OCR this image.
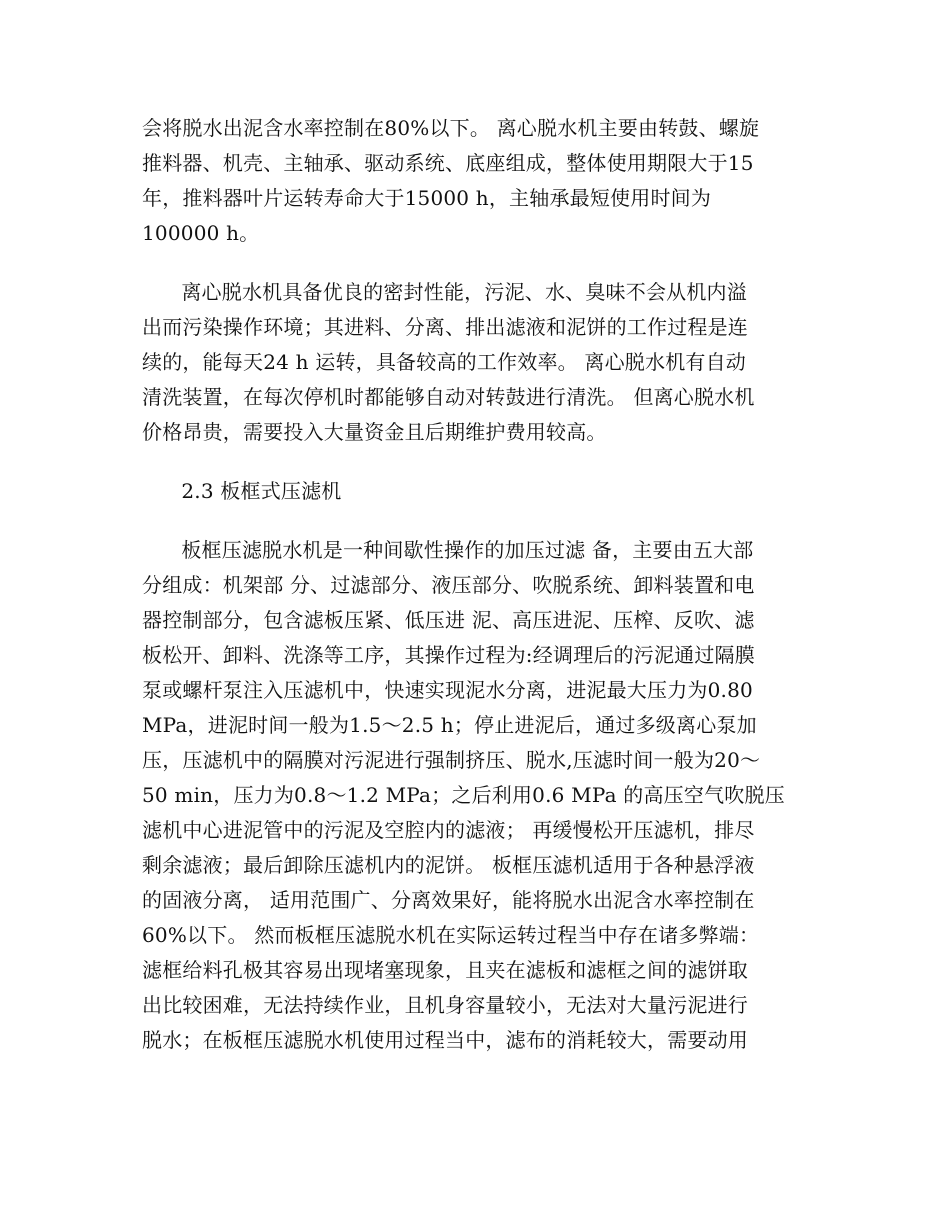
会将脱水出泥含水率控制在80%以下。 离心脱水机主要由转鼓、螺旋
推料器、机壳、主轴承、驱动系统、底座组成，整体使用期限大于15
年，推料器叶片运转寿命大于15000 h，主轴承最短使用时间为
100000 h。
离心脱水机具备优良的密封性能，污泥、水、臭味不会从机内溢
出而污染操作环境；其进料、分离、排出滤液和泥饼的工作过程是连
续的，能每天24 h 运转，具备较高的工作效率。 离心脱水机有自动
清洗装置，在每次停机时都能够自动对转鼓进行清洗。 但离心脱水机
价格昂贵，需要投入大量资金且后期维护费用较高。
2.3 板框式压滤机
板框压滤脱水机是一种间歇性操作的加压过滤 备，主要由五大部
分组成：机架部 分、过滤部分、液压部分、吹脱系统、卸料装置和电
器控制部分，包含滤板压紧、低压进 泥、高压进泥、压榨、反吹、滤
板松开、卸料、洗涤等工序，其操作过程为:经调理后的污泥通过隔膜
泵或螺杆泵注入压滤机中，快速实现泥水分离，进泥最大压力为0.80
MPa，进泥时间一般为1.5～2.5 h；停止进泥后，通过多级离心泵加
压，压滤机中的隔膜对污泥进行强制挤压、脱水,压滤时间一般为20～
50 min，压力为0.8～1.2 MPa；之后利用0.6 MPa 的高压空气吹脱压
滤机中心进泥管中的污泥及空腔内的滤液； 再缓慢松开压滤机，排尽
剩余滤液；最后卸除压滤机内的泥饼。 板框压滤机适用于各种悬浮液
的固液分离， 适用范围广、分离效果好，能将脱水出泥含水率控制在
60%以下。 然而板框压滤脱水机在实际运转过程当中存在诸多弊端：
滤框给料孔极其容易出现堵塞现象，且夹在滤板和滤框之间的滤饼取
出比较困难，无法持续作业，且机身容量较小，无法对大量污泥进行
脱水；在板框压滤脱水机使用过程当中，滤布的消耗较大，需要动用
